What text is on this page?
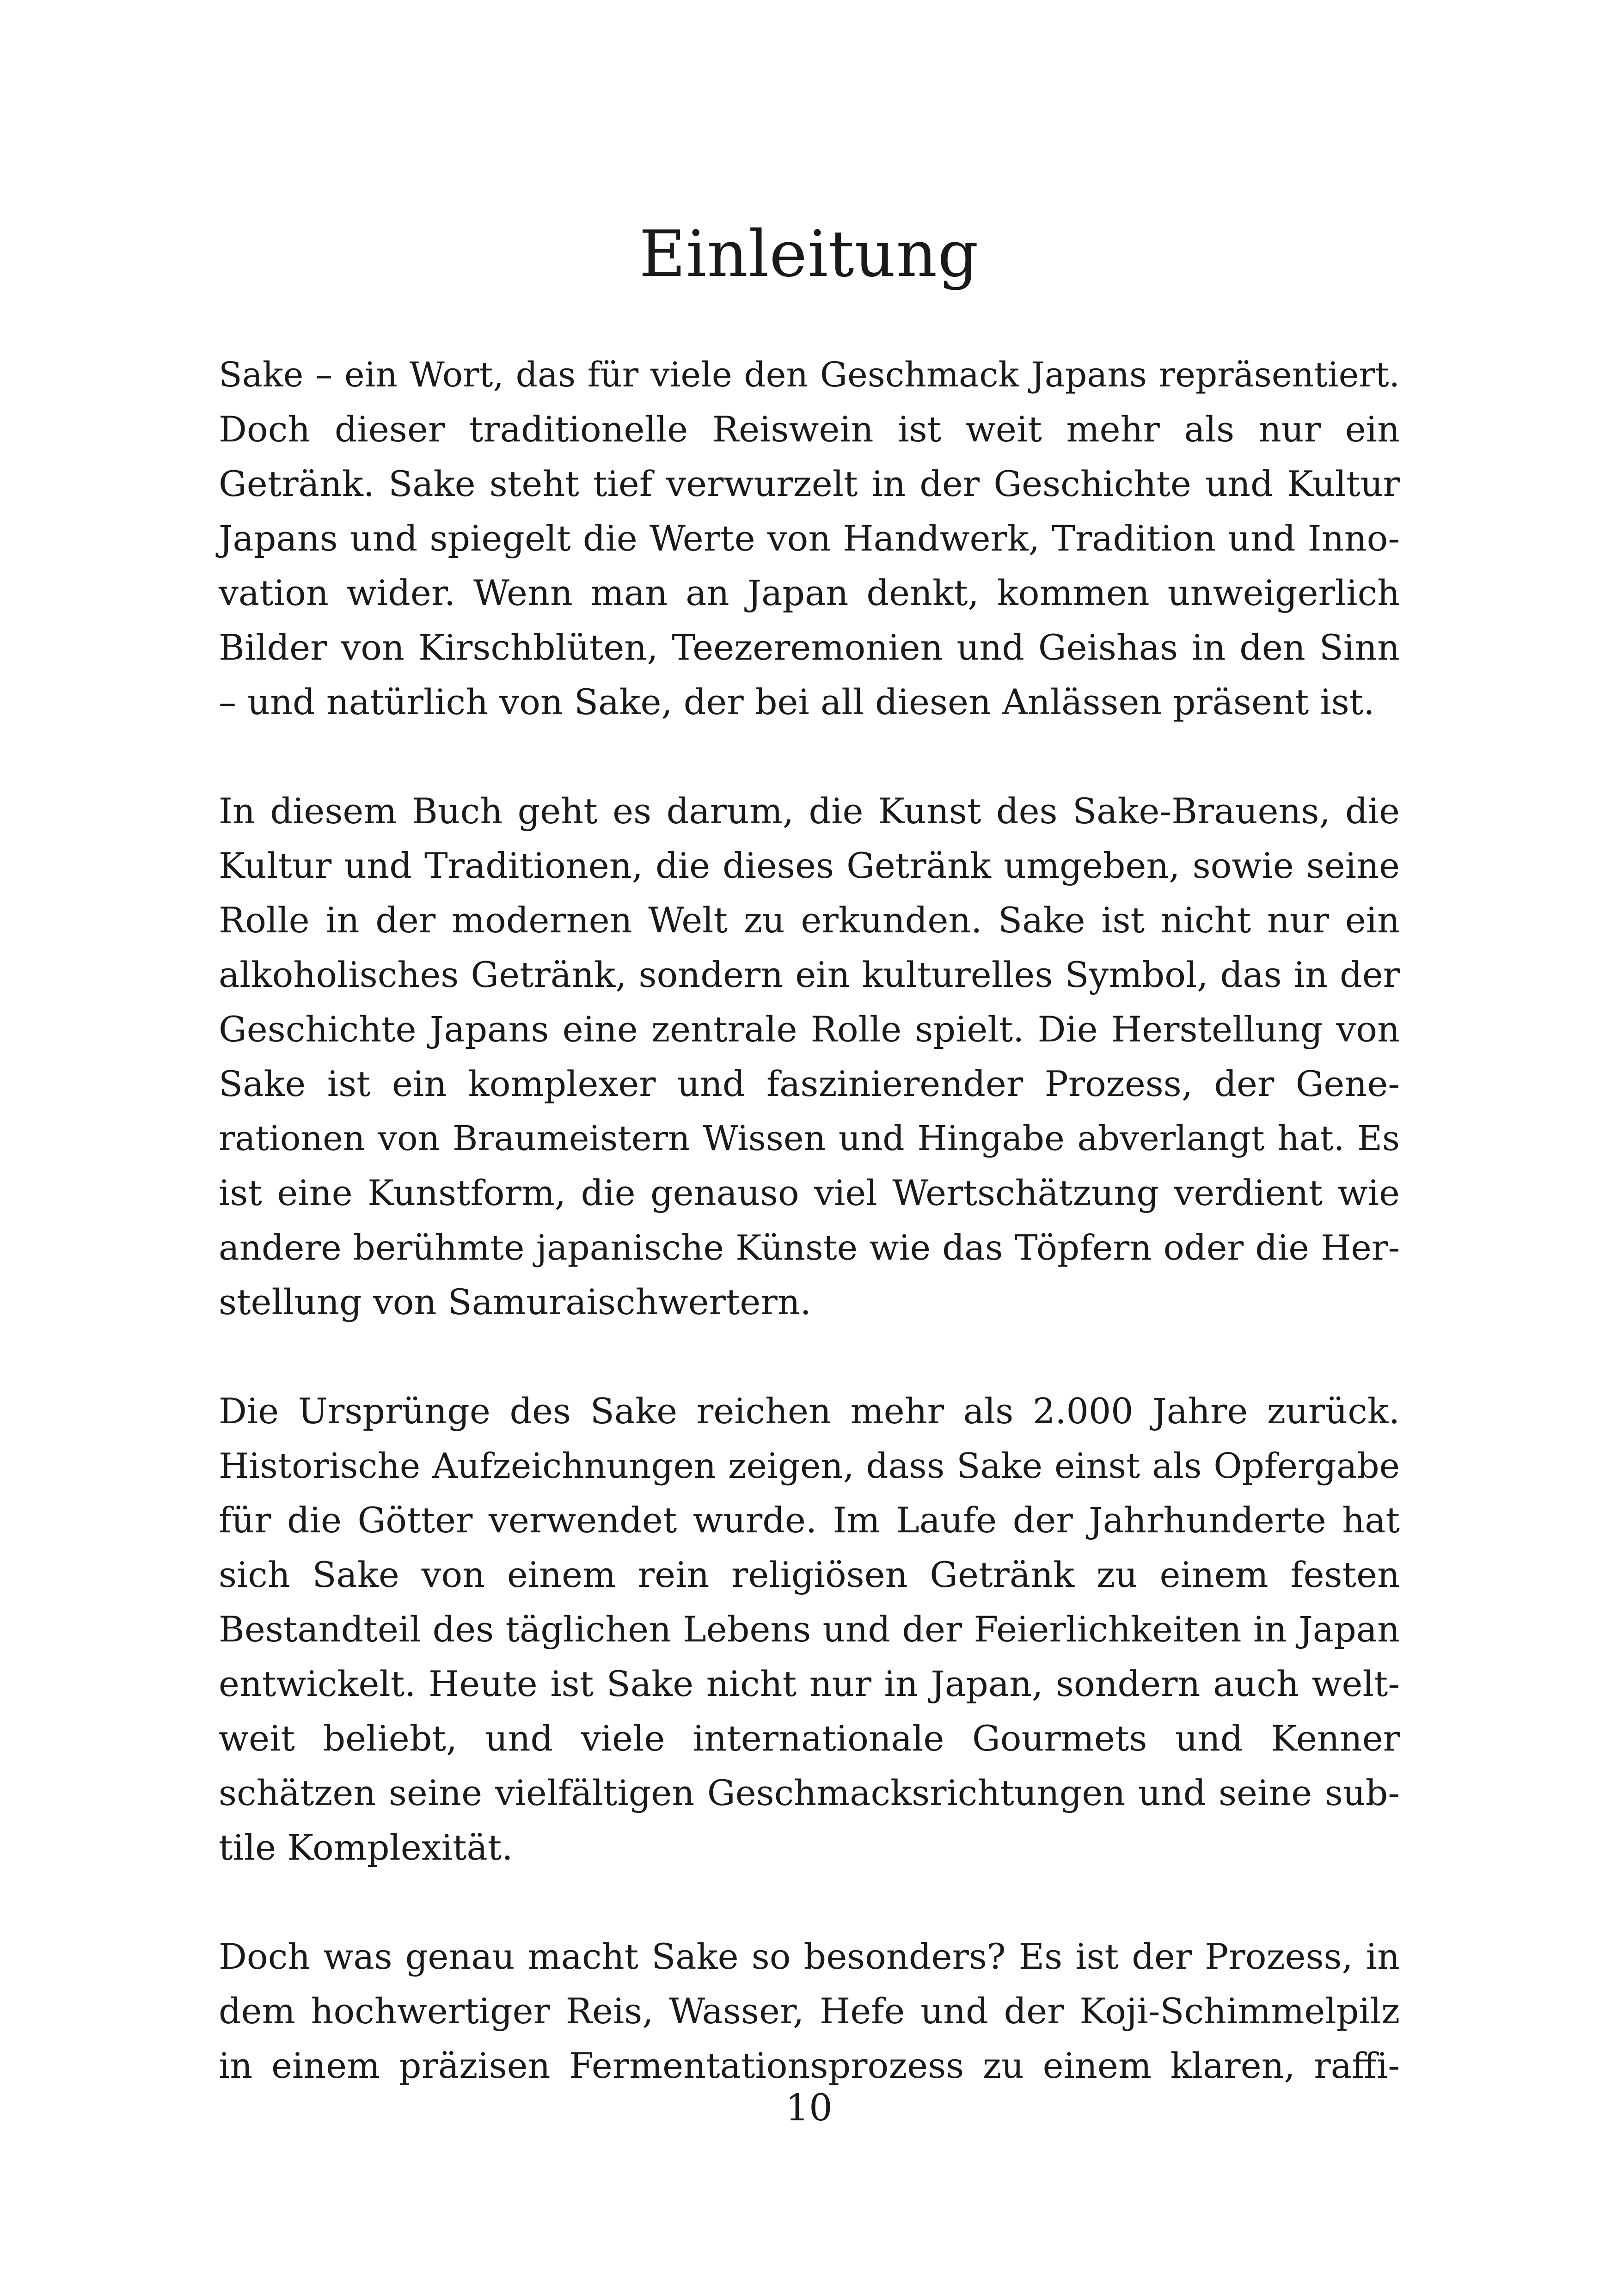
Einleitung

Sake – ein Wort, das für viele den Geschmack Japans repräsentiert.
Doch dieser traditionelle Reiswein ist weit mehr als nur ein
Getränk. Sake steht tief verwurzelt in der Geschichte und Kultur
Japans und spiegelt die Werte von Handwerk, Tradition und Inno-
vation wider. Wenn man an Japan denkt, kommen unweigerlich
Bilder von Kirschblüten, Teezeremonien und Geishas in den Sinn
– und natürlich von Sake, der bei all diesen Anlässen präsent ist.

In diesem Buch geht es darum, die Kunst des Sake-Brauens, die
Kultur und Traditionen, die dieses Getränk umgeben, sowie seine
Rolle in der modernen Welt zu erkunden. Sake ist nicht nur ein
alkoholisches Getränk, sondern ein kulturelles Symbol, das in der
Geschichte Japans eine zentrale Rolle spielt. Die Herstellung von
Sake ist ein komplexer und faszinierender Prozess, der Gene-
rationen von Braumeistern Wissen und Hingabe abverlangt hat. Es
ist eine Kunstform, die genauso viel Wertschätzung verdient wie
andere berühmte japanische Künste wie das Töpfern oder die Her-
stellung von Samuraischwertern.

Die Ursprünge des Sake reichen mehr als 2.000 Jahre zurück.
Historische Aufzeichnungen zeigen, dass Sake einst als Opfergabe
für die Götter verwendet wurde. Im Laufe der Jahrhunderte hat
sich Sake von einem rein religiösen Getränk zu einem festen
Bestandteil des täglichen Lebens und der Feierlichkeiten in Japan
entwickelt. Heute ist Sake nicht nur in Japan, sondern auch welt-
weit beliebt, und viele internationale Gourmets und Kenner
schätzen seine vielfältigen Geschmacksrichtungen und seine sub-
tile Komplexität.

Doch was genau macht Sake so besonders? Es ist der Prozess, in
dem hochwertiger Reis, Wasser, Hefe und der Koji-Schimmelpilz
in einem präzisen Fermentationsprozess zu einem klaren, raffi-

10
